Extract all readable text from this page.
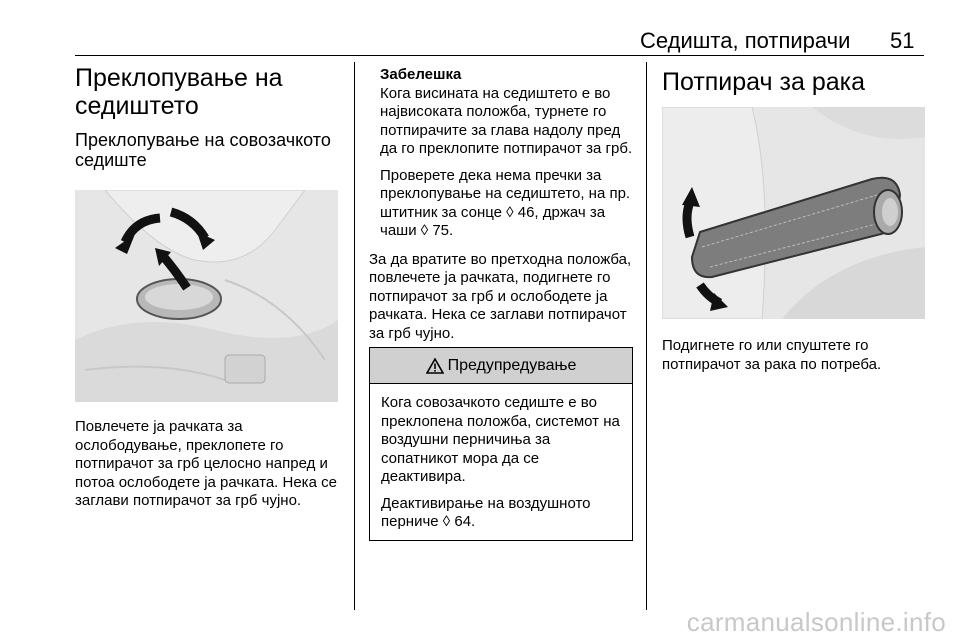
Седишта, потпирачи 51
Преклопување на седиштето
Преклопување на совозачкото седиште

Повлечете ја рачката за ослободување, преклопете го потпирачот за грб целосно напред и потоа ослободете ја рачката. Нека се заглави потпирачот за грб чујно.

Забелешка

Кога висината на седиштето е во највисоката положба, турнете го потпирачите за глава надолу пред да го преклопите потпирачот за грб.

Проверете дека нема пречки за преклопување на седиштето, на пр. штитник за сонце ◊ 46, држач за чаши ◊ 75.

За да вратите во претходна положба, повлечете ја рачката, подигнете го потпирачот за грб и ослободете ја рачката. Нека се заглави потпирачот за грб чујно.

Предупредување

Кога совозачкото седиште е во преклопена положба, системот на воздушни перничиња за сопатникот мора да се деактивира.

Деактивирање на воздушното перниче ◊ 64.

Потпирач за рака

Подигнете го или спуштете го потпирачот за рака по потреба.

carmanualsonline.info
